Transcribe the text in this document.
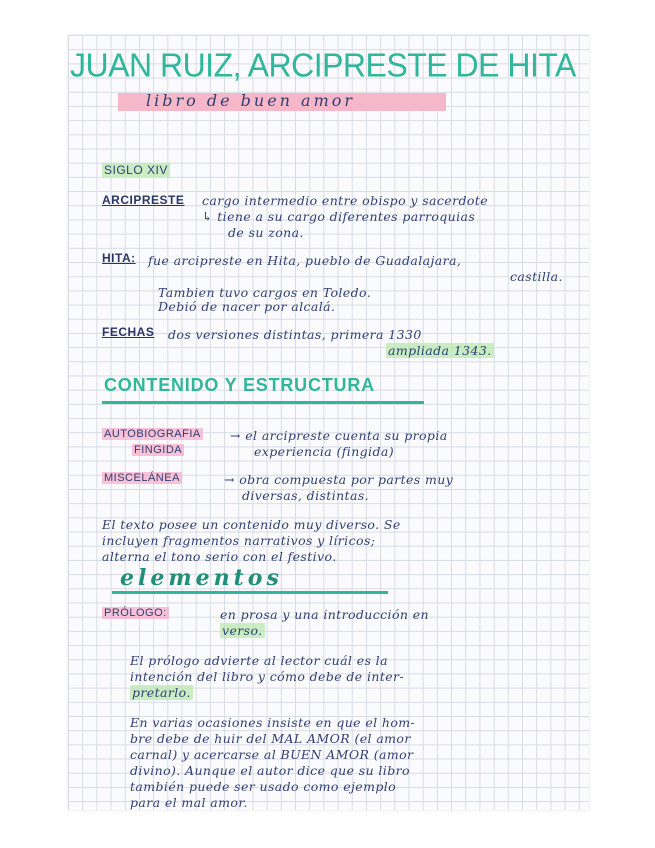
JUAN RUIZ, ARCIPRESTE DE HITA
libro de buen amor
SIGLO XIV
ARCIPRESTE cargo intermedio entre obispo y sacerdote
↳ tiene a su cargo diferentes parroquias
de su zona.
HITA: fue arcipreste en Hita, pueblo de Guadalajara,
castilla.
Tambien tuvo cargos en Toledo.
Debió de nacer por alcalá.
FECHAS dos versiones distintas, primera 1330
ampliada 1343.
CONTENIDO Y ESTRUCTURA
AUTOBIOGRAFIA
FINGIDA
→ el arcipreste cuenta su propia
experiencia (fingida)
MISCELÁNEA	→ obra compuesta por partes muy
diversas, distintas.
El texto posee un contenido muy diverso. Se
incluyen fragmentos narrativos y líricos;
alterna el tono serio con el festivo.
elementos
PRÓLOGO:	en prosa y una introducción en
verso.
El prólogo advierte al lector cuál es la
intención del libro y cómo debe de inter-
pretarlo.
En varias ocasiones insiste en que el hom-
bre debe de huir del MAL AMOR (el amor
carnal) y acercarse al BUEN AMOR (amor
divino). Aunque el autor dice que su libro
también puede ser usado como ejemplo
para el mal amor.
